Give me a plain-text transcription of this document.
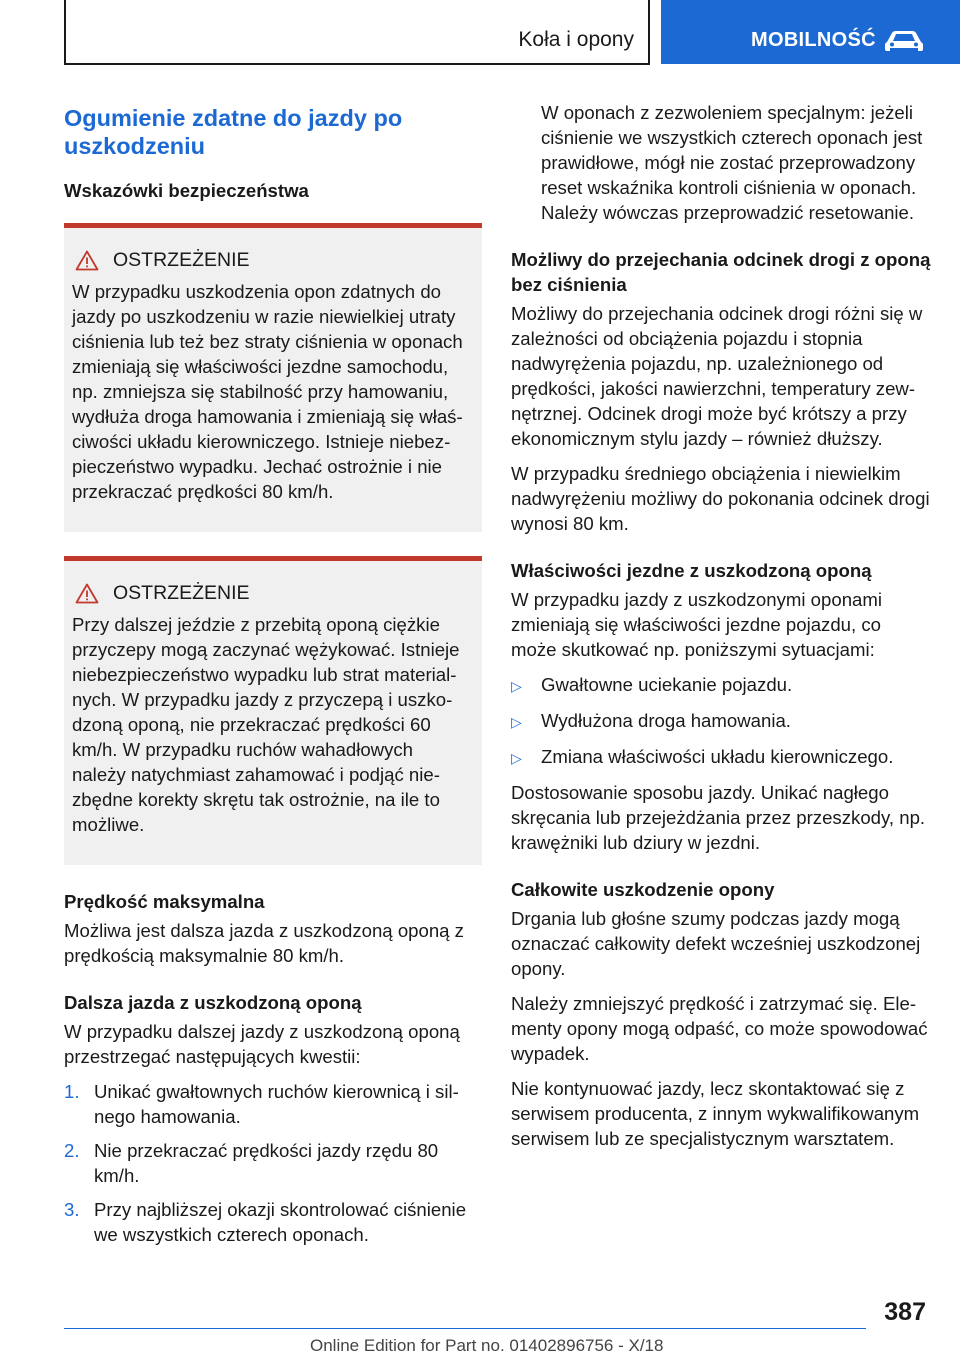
Koła i opony	MOBILNOŚĆ
Ogumienie zdatne do jazdy po uszkodzeniu
Wskazówki bezpieczeństwa
OSTRZEŻENIE

W przypadku uszkodzenia opon zdatnych do jazdy po uszkodzeniu w razie niewielkiej utraty ciśnienia lub też bez straty ciśnienia w oponach zmieniają się właściwości jezdne samochodu, np. zmniejsza się stabilność przy hamowaniu, wydłuża droga hamowania i zmieniają się właściwości układu kierowniczego. Istnieje niebezpieczeństwo wypadku. Jechać ostrożnie i nie przekraczać prędkości 80 km/h.

OSTRZEŻENIE

Przy dalszej jeździe z przebitą oponą ciężkie przyczepy mogą zaczynać wężykować. Istnieje niebezpieczeństwo wypadku lub strat materialnych. W przypadku jazdy z przyczepą i uszkodzoną oponą, nie przekraczać prędkości 60 km/h. W przypadku ruchów wahadłowych należy natychmiast zahamować i podjąć niezbędne korekty skrętu tak ostrożnie, na ile to możliwe.

Prędkość maksymalna

Możliwa jest dalsza jazda z uszkodzoną oponą z prędkością maksymalnie 80 km/h.

Dalsza jazda z uszkodzoną oponą

W przypadku dalszej jazdy z uszkodzoną oponą przestrzegać następujących kwestii:

1. Unikać gwałtownych ruchów kierownicą i silnego hamowania.
2. Nie przekraczać prędkości jazdy rzędu 80 km/h.
3. Przy najbliższej okazji skontrolować ciśnienie we wszystkich czterech oponach.

W oponach z zezwoleniem specjalnym: jeżeli ciśnienie we wszystkich czterech oponach jest prawidłowe, mógł nie zostać przeprowadzony reset wskaźnika kontroli ciśnienia w oponach. Należy wówczas przeprowadzić resetowanie.

Możliwy do przejechania odcinek drogi z oponą bez ciśnienia

Możliwy do przejechania odcinek drogi różni się w zależności od obciążenia pojazdu i stopnia nadwyrężenia pojazdu, np. uzależnionego od prędkości, jakości nawierzchni, temperatury zewnętrznej. Odcinek drogi może być krótszy a przy ekonomicznym stylu jazdy – również dłuższy.

W przypadku średniego obciążenia i niewielkim nadwyrężeniu możliwy do pokonania odcinek drogi wynosi 80 km.

Właściwości jezdne z uszkodzoną oponą

W przypadku jazdy z uszkodzonymi oponami zmieniają się właściwości jezdne pojazdu, co może skutkować np. poniższymi sytuacjami:

▷	Gwałtowne uciekanie pojazdu.
▷	Wydłużona droga hamowania.
▷	Zmiana właściwości układu kierowniczego.

Dostosowanie sposobu jazdy. Unikać nagłego skręcania lub przejeżdżania przez przeszkody, np. krawężniki lub dziury w jezdni.

Całkowite uszkodzenie opony

Drgania lub głośne szumy podczas jazdy mogą oznaczać całkowity defekt wcześniej uszkodzonej opony.

Należy zmniejszyć prędkość i zatrzymać się. Elementy opony mogą odpaść, co może spowodować wypadek.

Nie kontynuować jazdy, lecz skontaktować się z serwisem producenta, z innym wykwalifikowanym serwisem lub ze specjalistycznym warsztatem.

387
Online Edition for Part no. 01402896756 - X/18
